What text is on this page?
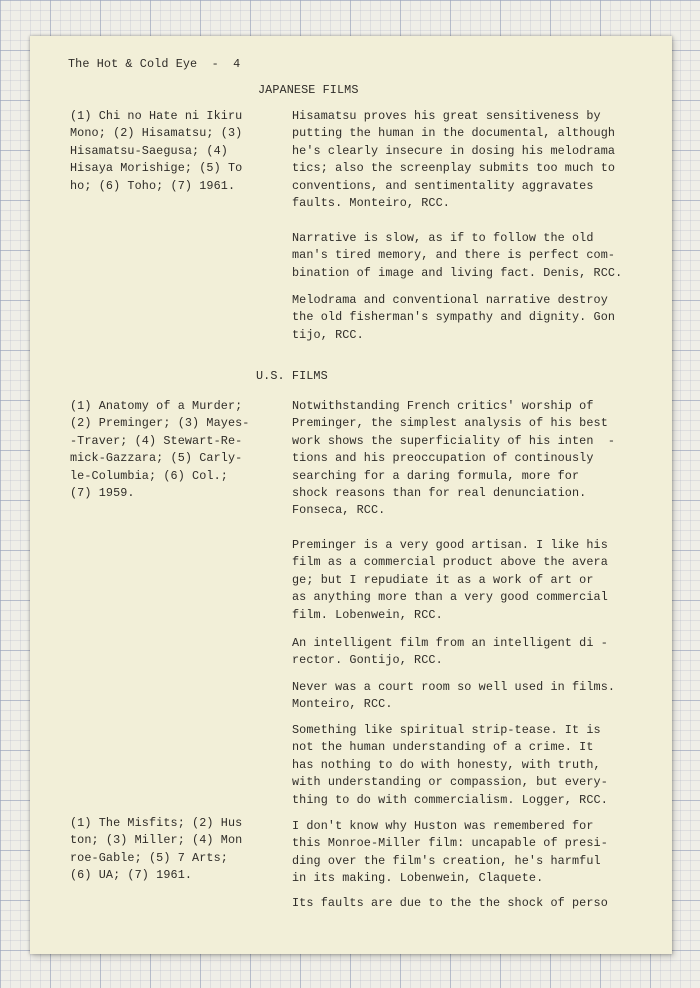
The Hot & Cold Eye  -  4

JAPANESE FILMS

(1) Chi no Hate ni Ikiru

Mono; (2) Hisamatsu; (3)

Hisamatsu-Saegusa; (4)

Hisaya Morishige; (5) To

ho; (6) Toho; (7) 1961.

Hisamatsu proves his great sensitiveness by

putting the human in the documental, although

he's clearly insecure in dosing his melodrama

tics; also the screenplay submits too much to

conventions, and sentimentality aggravates

faults. Monteiro, RCC.

Narrative is slow, as if to follow the old

man's tired memory, and there is perfect com-

bination of image and living fact. Denis, RCC.

Melodrama and conventional narrative destroy

the old fisherman's sympathy and dignity. Gon

tijo, RCC.

U.S. FILMS

(1) Anatomy of a Murder;

(2) Preminger; (3) Mayes-

-Traver; (4) Stewart-Re-

mick-Gazzara; (5) Carly-

le-Columbia; (6) Col.;

(7) 1959.

Notwithstanding French critics' worship of

Preminger, the simplest analysis of his best

work shows the superficiality of his inten  -

tions and his preoccupation of continously

searching for a daring formula, more for

shock reasons than for real denunciation.

Fonseca, RCC.

Preminger is a very good artisan. I like his

film as a commercial product above the avera

ge; but I repudiate it as a work of art or

as anything more than a very good commercial

film. Lobenwein, RCC.

An intelligent film from an intelligent di -

rector. Gontijo, RCC.

Never was a court room so well used in films.

Monteiro, RCC.

Something like spiritual strip-tease. It is

not the human understanding of a crime. It

has nothing to do with honesty, with truth,

with understanding or compassion, but every-

thing to do with commercialism. Logger, RCC.

(1) The Misfits; (2) Hus

ton; (3) Miller; (4) Mon

roe-Gable; (5) 7 Arts;

(6) UA; (7) 1961.

I don't know why Huston was remembered for

this Monroe-Miller film: uncapable of presi-

ding over the film's creation, he's harmful

in its making. Lobenwein, Claquete.

Its faults are due to the the shock of perso
